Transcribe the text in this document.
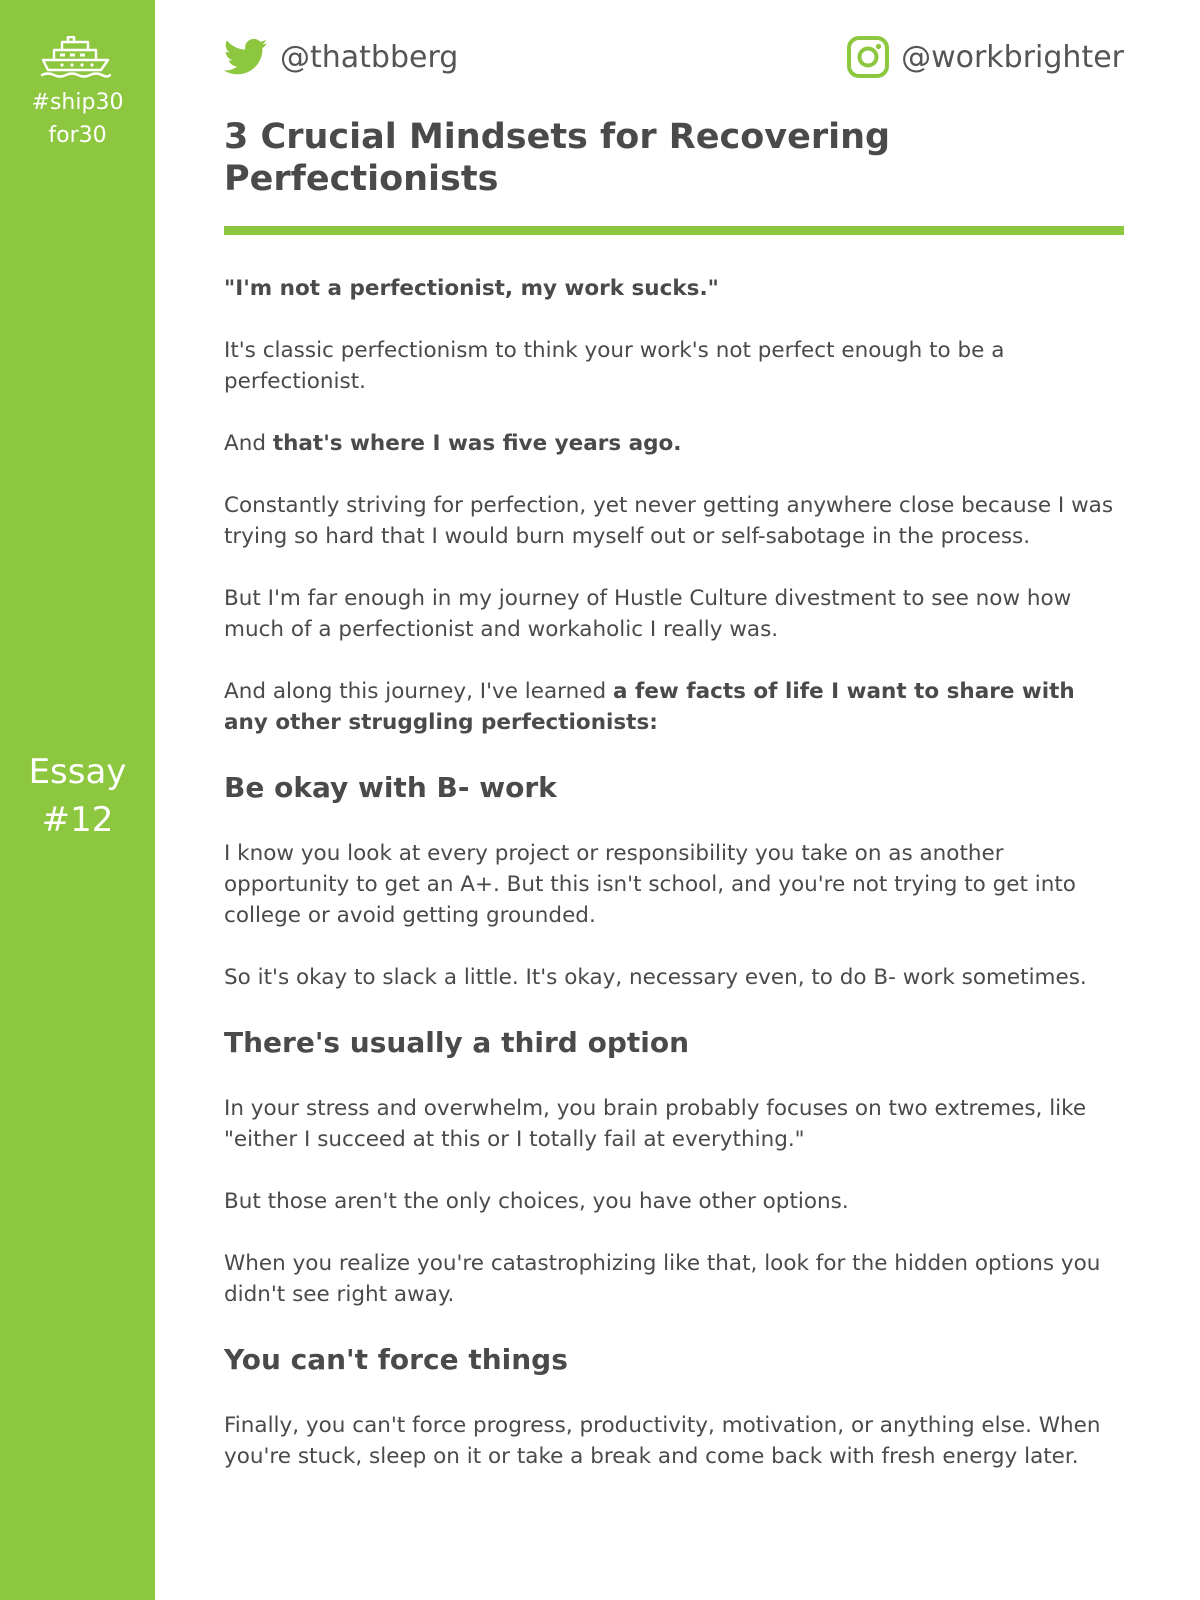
#ship30
for30
Essay
#12
@thatbberg	@workbrighter
3 Crucial Mindsets for Recovering
Perfectionists

"I'm not a perfectionist, my work sucks."

It's classic perfectionism to think your work's not perfect enough to be a perfectionist.

And that's where I was five years ago.

Constantly striving for perfection, yet never getting anywhere close because I was trying so hard that I would burn myself out or self-sabotage in the process.

But I'm far enough in my journey of Hustle Culture divestment to see now how much of a perfectionist and workaholic I really was.

And along this journey, I've learned a few facts of life I want to share with any other struggling perfectionists:

Be okay with B- work

I know you look at every project or responsibility you take on as another opportunity to get an A+. But this isn't school, and you're not trying to get into college or avoid getting grounded.

So it's okay to slack a little. It's okay, necessary even, to do B- work sometimes.

There's usually a third option

In your stress and overwhelm, you brain probably focuses on two extremes, like "either I succeed at this or I totally fail at everything."

But those aren't the only choices, you have other options.

When you realize you're catastrophizing like that, look for the hidden options you didn't see right away.

You can't force things

Finally, you can't force progress, productivity, motivation, or anything else. When you're stuck, sleep on it or take a break and come back with fresh energy later.
